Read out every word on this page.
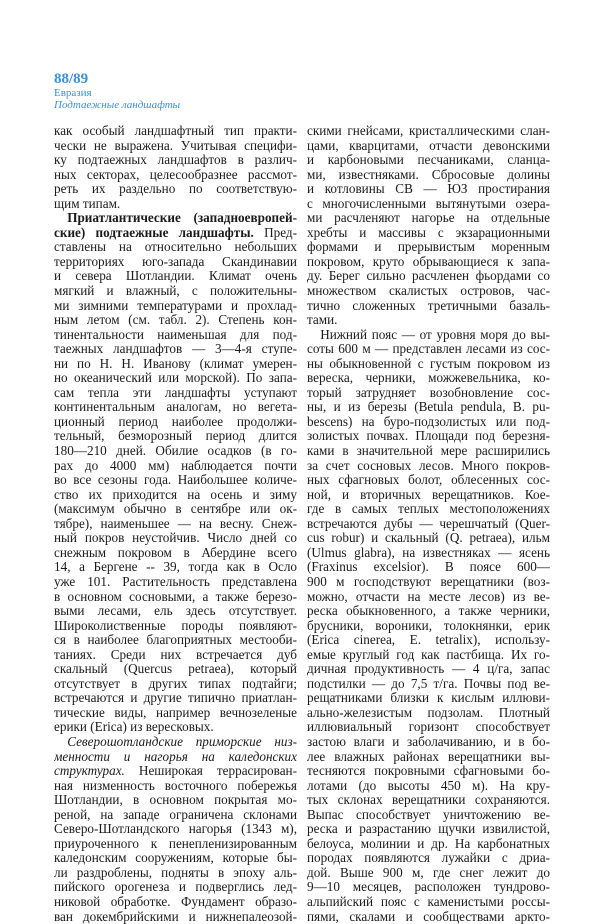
88/89
Евразия
Подтаежные ландшафты
как особый ландшафтный тип практи-
чески не выражена. Учитывая специфи-
ку подтаежных ландшафтов в различ-
ных секторах, целесообразнее рассмот-
реть их раздельно по соответствую-
щим типам.
 Приатлантические (западноевропей-
ские) подтаежные ландшафты. Пред-
ставлены на относительно небольших
территориях юго-запада Скандинавии
и севера Шотландии. Климат очень
мягкий и влажный, с положительны-
ми зимними температурами и прохлад-
ным летом (см. табл. 2). Степень кон-
тинентальности наименьшая для под-
таежных ландшафтов — 3—4-я ступе-
ни по Н. Н. Иванову (климат умерен-
но океанический или морской). По запа-
сам тепла эти ландшафты уступают
континентальным аналогам, но вегета-
ционный период наиболее продолжи-
тельный, безморозный период длится
180—210 дней. Обилие осадков (в го-
рах до 4000 мм) наблюдается почти
во все сезоны года. Наибольшее количе-
ство их приходится на осень и зиму
(максимум обычно в сентябре или ок-
тябре), наименьшее — на весну. Снеж-
ный покров неустойчив. Число дней со
снежным покровом в Абердине всего
14, а Бергене -- 39, тогда как в Осло
уже 101. Растительность представлена
в основном сосновыми, а также березо-
выми лесами, ель здесь отсутствует.
Широколиственные породы появляют-
ся в наиболее благоприятных местооби-
таниях. Среди них встречается дуб
скальный (Quercus petraea), который
отсутствует в других типах подтайги;
встречаются и другие типично приатлан-
тические виды, например вечнозеленые
ерики (Erica) из вересковых.
 Северошотландские приморские низ-
менности и нагорья на каледонских
структурах. Неширокая террасирован-
ная низменность восточного побережья
Шотландии, в основном покрытая мо-
реной, на западе ограничена склонами
Северо-Шотландского нагорья (1343 м),
приуроченного к пенепленизированным
каледонским сооружениям, которые бы-
ли раздроблены, подняты в эпоху аль-
пийского орогенеза и подверглись лед-
никовой обработке. Фундамент образо-
ван докембрийскими и нижнепалеозой-
скими гнейсами, кристаллическими слан-
цами, кварцитами, отчасти девонскими
и карбоновыми песчаниками, сланца-
ми, известняками. Сбросовые долины
и котловины СВ — ЮЗ простирания
с многочисленными вытянутыми озера-
ми расчленяют нагорье на отдельные
хребты и массивы с экзарационными
формами и прерывистым моренным
покровом, круто обрывающиеся к запа-
ду. Берег сильно расчленен фьордами со
множеством скалистых островов, час-
тично сложенных третичными базаль-
тами.
 Нижний пояс — от уровня моря до вы-
соты 600 м — представлен лесами из сос-
ны обыкновенной с густым покровом из
вереска, черники, можжевельника, ко-
торый затрудняет возобновление сос-
ны, и из березы (Betula pendula, B. pu-
bescens) на буро-подзолистых или под-
золистых почвах. Площади под березня-
ками в значительной мере расширились
за счет сосновых лесов. Много покров-
ных сфагновых болот, облесенных сос-
ной, и вторичных верещатников. Кое-
где в самых теплых местоположениях
встречаются дубы — черешчатый (Quer-
cus robur) и скальный (Q. petraea), ильм
(Ulmus glabra), на известняках — ясень
(Fraxinus excelsior). В поясе 600—
900 м господствуют верещатники (воз-
можно, отчасти на месте лесов) из ве-
реска обыкновенного, а также черники,
брусники, вороники, толокнянки, ерик
(Erica cinerea, E. tetralix), использу-
емые круглый год как пастбища. Их го-
дичная продуктивность — 4 ц/га, запас
подстилки — до 7,5 т/га. Почвы под ве-
рещатниками близки к кислым иллюви-
ально-железистым подзолам. Плотный
иллювиальный горизонт способствует
застою влаги и заболачиванию, и в бо-
лее влажных районах верещатники вы-
тесняются покровными сфагновыми бо-
лотами (до высоты 450 м). На кру-
тых склонах верещатники сохраняются.
Выпас способствует уничтожению ве-
реска и разрастанию щучки извилистой,
белоуса, молинии и др. На карбонатных
породах появляются лужайки с дриа-
дой. Выше 900 м, где снег лежит до
9—10 месяцев, расположен тундрово-
альпийский пояс с каменистыми россы-
пями, скалами и сообществами аркто-
